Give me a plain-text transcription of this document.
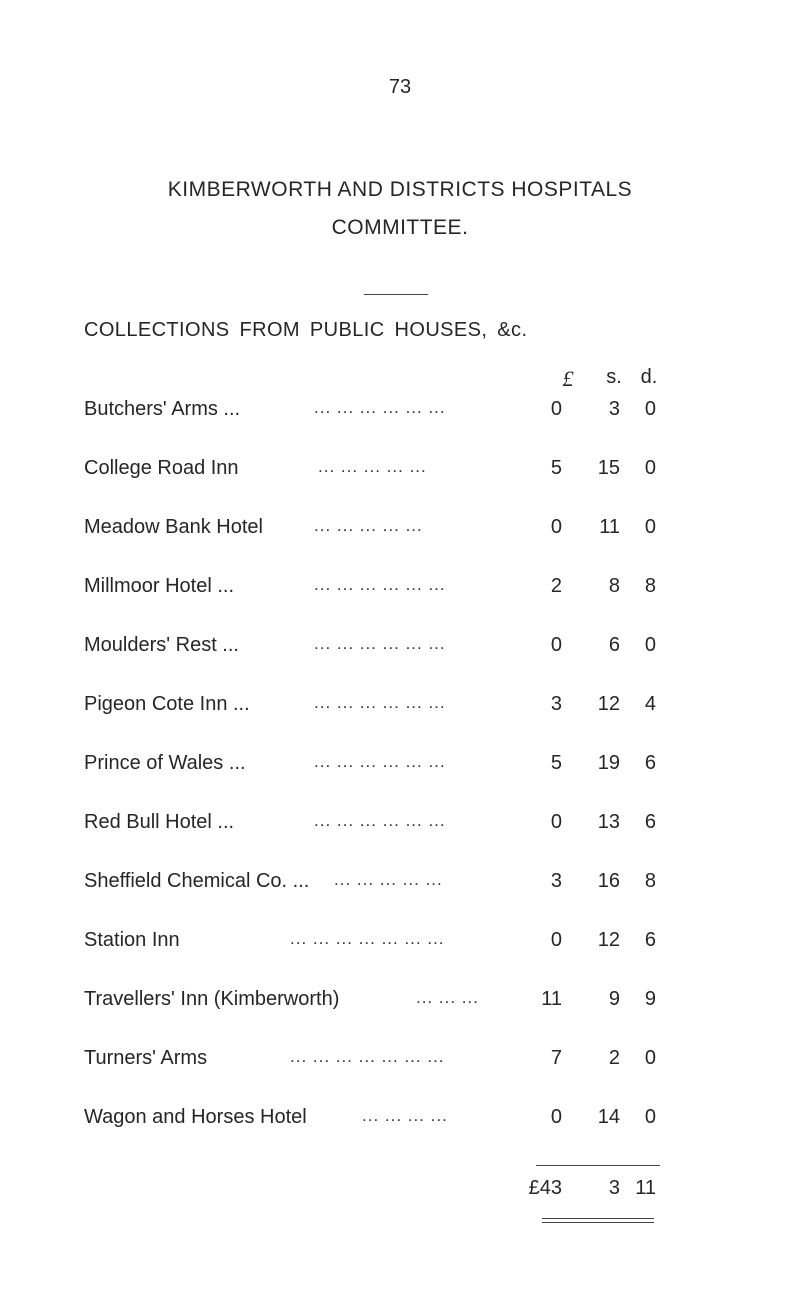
73
KIMBERWORTH AND DISTRICTS HOSPITALS
COMMITTEE.
COLLECTIONS FROM PUBLIC HOUSES, &c.
£	s. d.
Butchers' Arms ...	... ... ... ... ... ...	0	3	0
College Road Inn	... ... ... ... ...	5	15	0
Meadow Bank Hotel	... ... ... ... ...	0	11	0
Millmoor Hotel ...	... ... ... ... ... ...	2	8	8
Moulders' Rest ...	... ... ... ... ... ...	0	6	0
Pigeon Cote Inn ...	... ... ... ... ... ...	3	12	4
Prince of Wales ...	... ... ... ... ... ...	5	19	6
Red Bull Hotel ...	... ... ... ... ... ...	0	13	6
Sheffield Chemical Co. ... ... ... ... ... ...	3	16	8
Station Inn	... ... ... ... ... ... ...	0	12	6
Travellers' Inn (Kimberworth)	... ... ...	11	9	9
Turners' Arms	... ... ... ... ... ... ...	7	2	0
Wagon and Horses Hotel	... ... ... ...	0	14	0
£43	3 11
